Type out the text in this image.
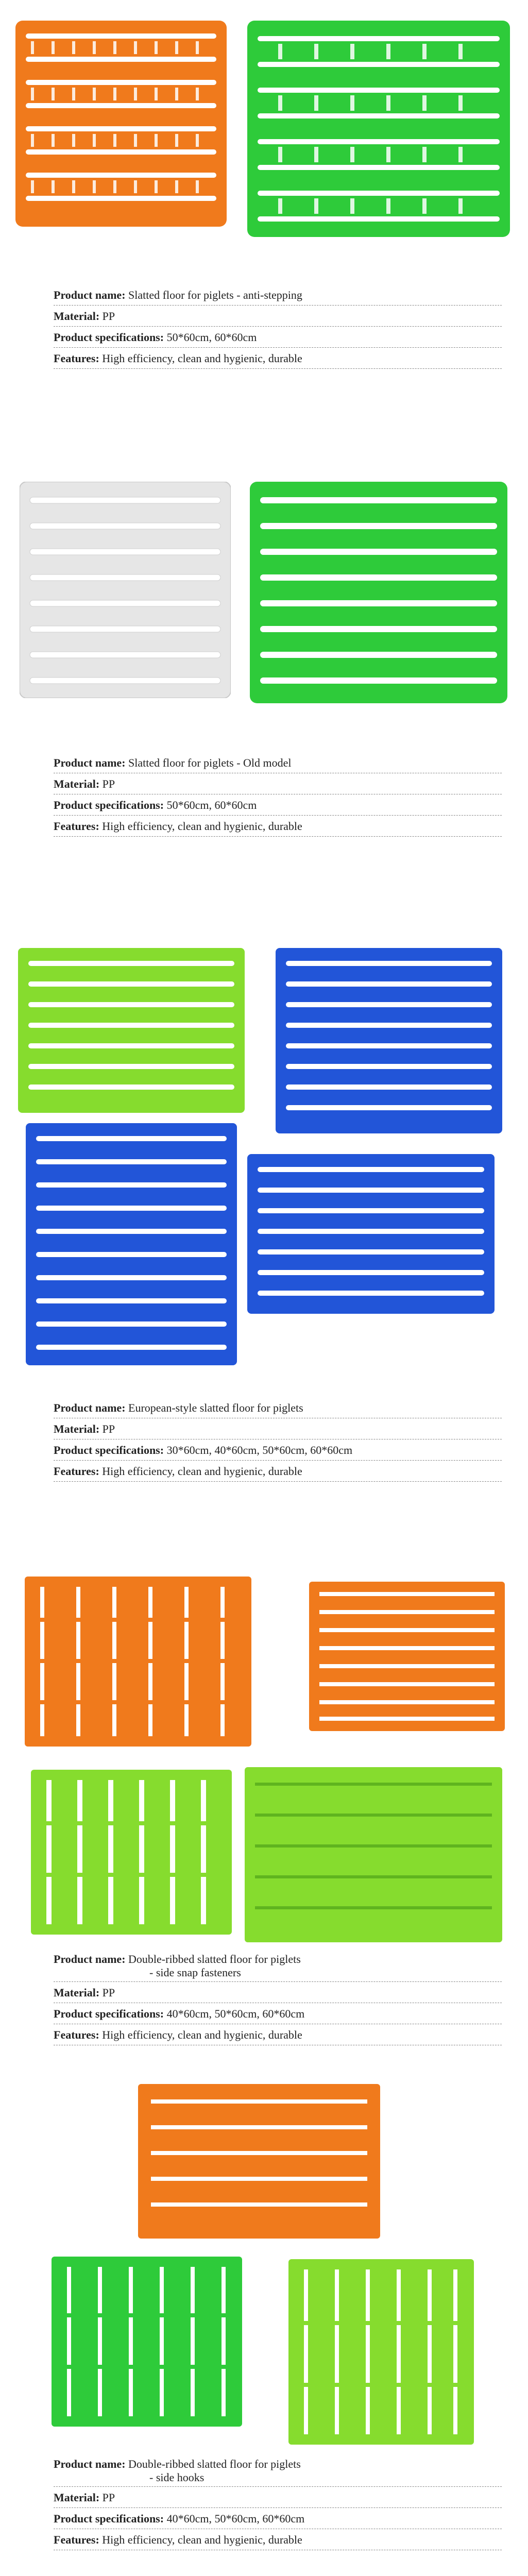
Product name: Slatted floor for piglets - anti-stepping
Material: PP
Product specifications: 50*60cm, 60*60cm
Features: High efficiency, clean and hygienic, durable
Product name: Slatted floor for piglets - Old model
Material: PP
Product specifications: 50*60cm, 60*60cm
Features: High efficiency, clean and hygienic, durable
Product name: European-style slatted floor for piglets
Material: PP
Product specifications: 30*60cm, 40*60cm, 50*60cm, 60*60cm
Features: High efficiency, clean and hygienic, durable
Product name: Double-ribbed slatted floor for piglets
- side snap fasteners
Material: PP
Product specifications: 40*60cm, 50*60cm, 60*60cm
Features: High efficiency, clean and hygienic, durable
Product name: Double-ribbed slatted floor for piglets
- side hooks
Material: PP
Product specifications: 40*60cm, 50*60cm, 60*60cm
Features: High efficiency, clean and hygienic, durable
